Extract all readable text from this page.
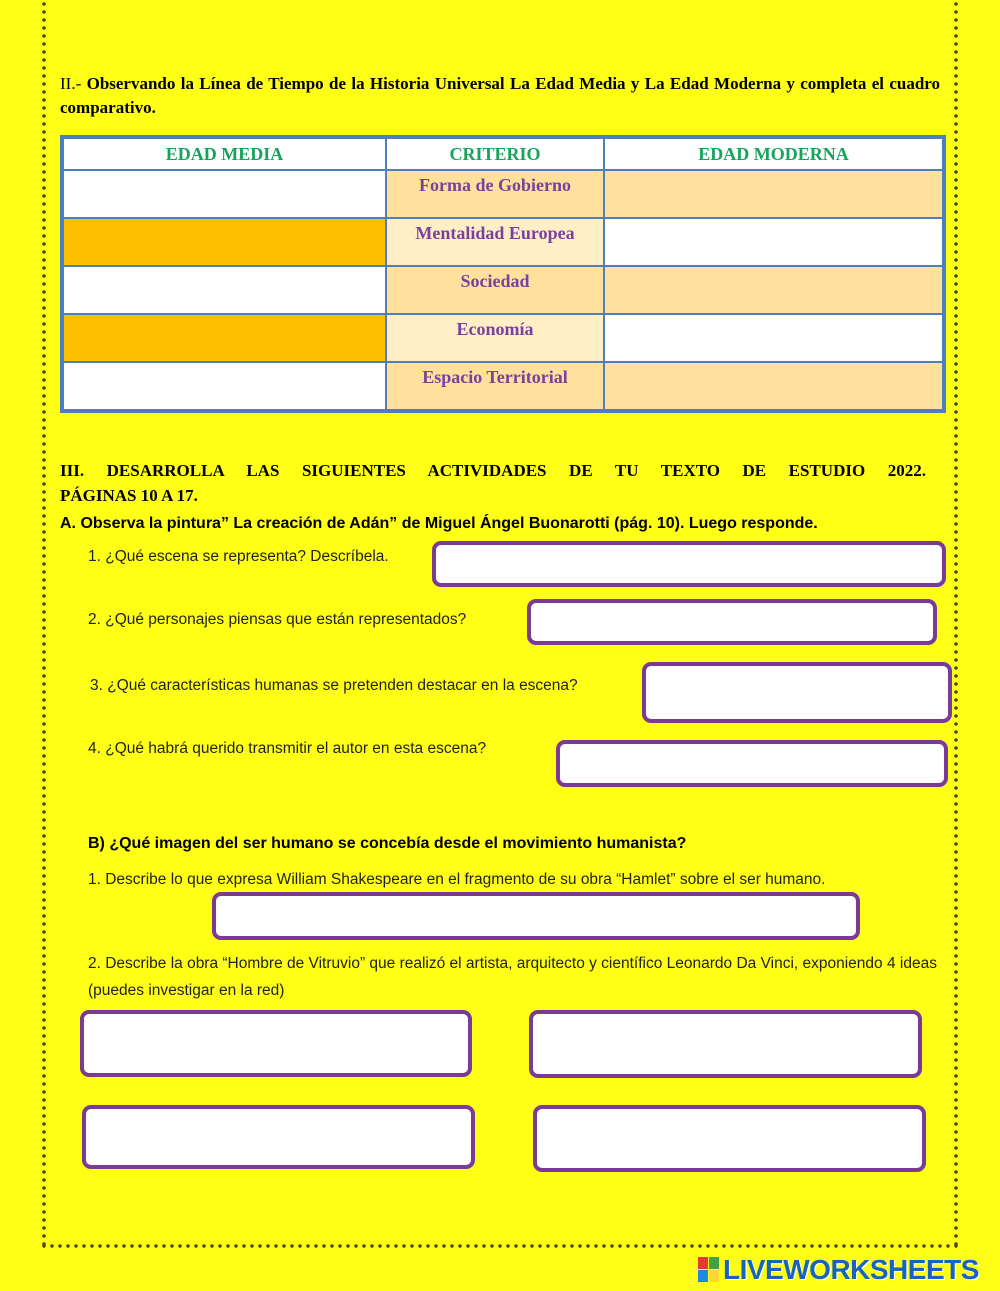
II.- Observando la Línea de Tiempo de la Historia Universal La Edad Media y La Edad Moderna y completa el cuadro comparativo.
EDAD MEDIA	CRITERIO	EDAD MODERNA
	Forma de Gobierno	
	Mentalidad Europea	
	Sociedad	
	Economía	
	Espacio Territorial	
III. DESARROLLA LAS SIGUIENTES ACTIVIDADES DE TU TEXTO DE ESTUDIO 2022.
PÁGINAS 10 A 17.
A. Observa la pintura” La creación de Adán” de Miguel Ángel Buonarotti (pág. 10). Luego responde.
1. ¿Qué escena se representa? Descríbela.
2. ¿Qué personajes piensas que están representados?
3. ¿Qué características humanas se pretenden destacar en la escena?
4. ¿Qué habrá querido transmitir el autor en esta escena?
B) ¿Qué imagen del ser humano se concebía desde el movimiento humanista?
1. Describe lo que expresa William Shakespeare en el fragmento de su obra “Hamlet” sobre el ser humano.
2. Describe la obra “Hombre de Vitruvio” que realizó el artista, arquitecto y científico Leonardo Da Vinci, exponiendo 4 ideas (puedes investigar en la red)
LIVEWORKSHEETS
